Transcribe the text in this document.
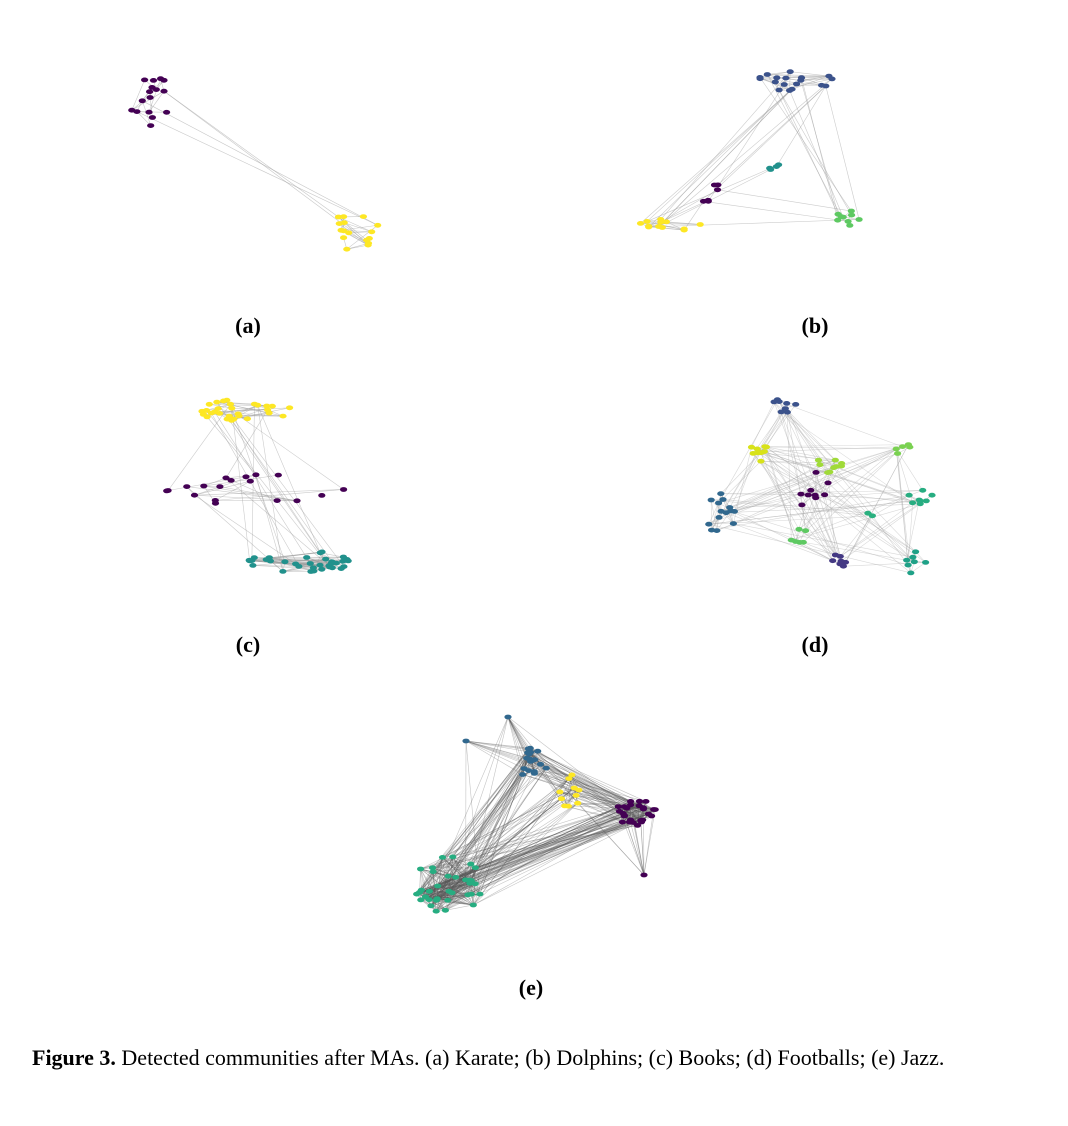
(a)	(b)
(c)	(d)
(e)
Figure 3. Detected communities after MAs. (a) Karate; (b) Dolphins; (c) Books; (d) Footballs; (e) Jazz.
